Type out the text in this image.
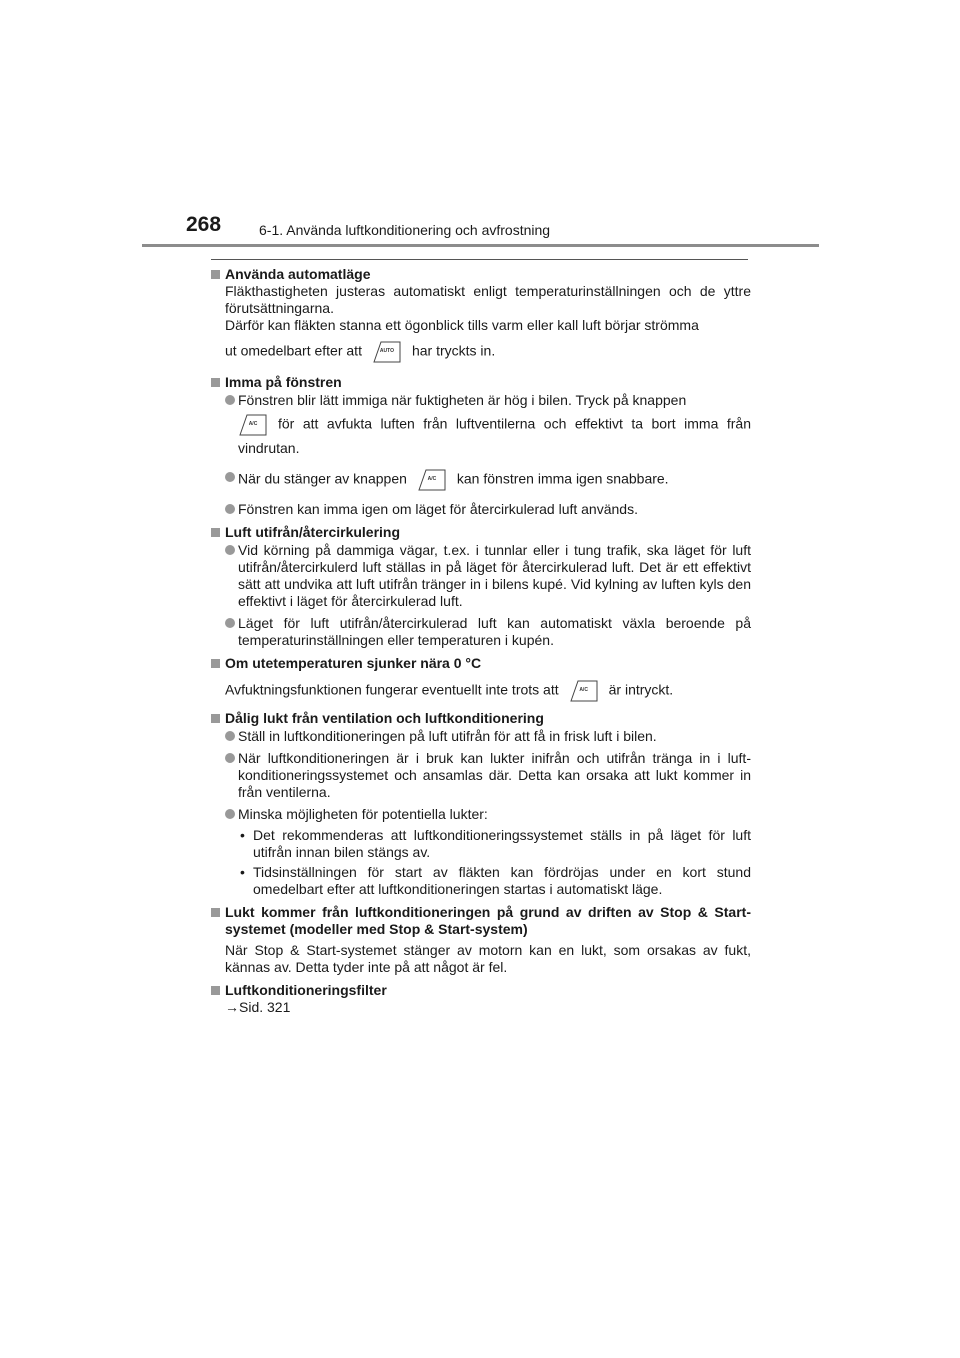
268	6-1. Använda luftkonditionering och avfrostning
Använda automatläge
Fläkthastigheten justeras automatiskt enligt temperaturinställningen och de yttre förutsättningarna.
Därför kan fläkten stanna ett ögonblick tills varm eller kall luft börjar strömma
ut omedelbart efter att	AUTO	har tryckts in.
Imma på fönstren
Fönstren blir lätt immiga när fuktigheten är hög i bilen. Tryck på knappen
A/C	för att avfukta luften från luftventilerna och effektivt ta bort imma från vindrutan.
När du stänger av knappen	A/C	kan fönstren imma igen snabbare.
Fönstren kan imma igen om läget för återcirkulerad luft används.
Luft utifrån/återcirkulering
Vid körning på dammiga vägar, t.ex. i tunnlar eller i tung trafik, ska läget för luft utifrån/återcirkulerd luft ställas in på läget för återcirkulerad luft. Det är ett effektivt sätt att undvika att luft utifrån tränger in i bilens kupé. Vid kylning av luften kyls den effektivt i läget för återcirkulerad luft.
Läget för luft utifrån/återcirkulerad luft kan automatiskt växla beroende på temperaturinställningen eller temperaturen i kupén.
Om utetemperaturen sjunker nära 0 °C
Avfuktningsfunktionen fungerar eventuellt inte trots att	A/C	är intryckt.
Dålig lukt från ventilation och luftkonditionering
Ställ in luftkonditioneringen på luft utifrån för att få in frisk luft i bilen.
När luftkonditioneringen är i bruk kan lukter inifrån och utifrån tränga in i luft-konditioneringssystemet och ansamlas där. Detta kan orsaka att lukt kommer in från ventilerna.
Minska möjligheten för potentiella lukter:
• Det rekommenderas att luftkonditioneringssystemet ställs in på läget för luft utifrån innan bilen stängs av.
• Tidsinställningen för start av fläkten kan fördröjas under en kort stund omedelbart efter att luftkonditioneringen startas i automatiskt läge.
Lukt kommer från luftkonditioneringen på grund av driften av Stop & Start-systemet (modeller med Stop & Start-system)
När Stop & Start-systemet stänger av motorn kan en lukt, som orsakas av fukt, kännas av. Detta tyder inte på att något är fel.
Luftkonditioneringsfilter
→Sid. 321
